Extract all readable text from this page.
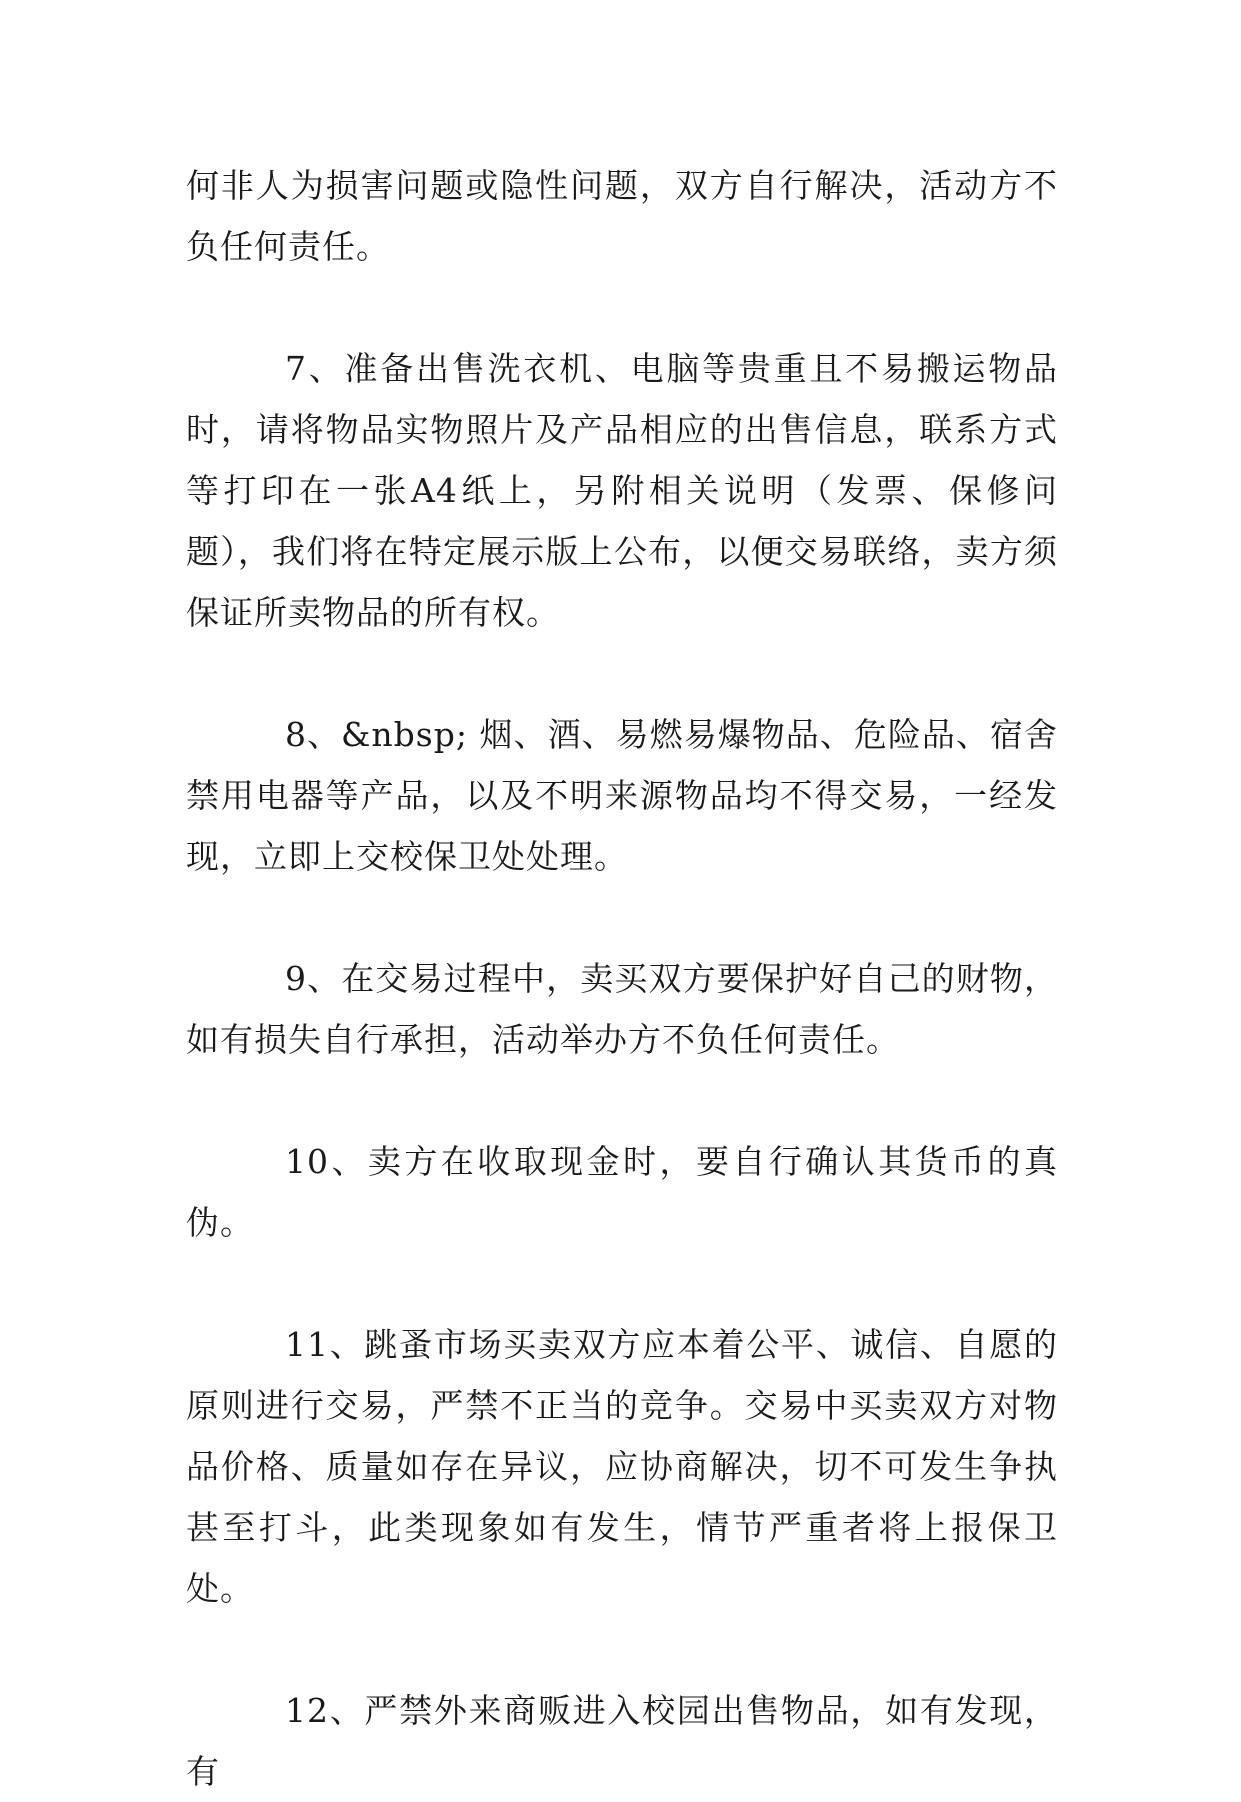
何非人为损害问题或隐性问题，双方自行解决，活动方不负任何责任。

7、准备出售洗衣机、电脑等贵重且不易搬运物品时，请将物品实物照片及产品相应的出售信息，联系方式等打印在一张A4纸上，另附相关说明（发票、保修问题），我们将在特定展示版上公布，以便交易联络，卖方须保证所卖物品的所有权。

8、&nbsp; 烟、酒、易燃易爆物品、危险品、宿舍禁用电器等产品，以及不明来源物品均不得交易，一经发现，立即上交校保卫处处理。

9、在交易过程中，卖买双方要保护好自己的财物，如有损失自行承担，活动举办方不负任何责任。

10、卖方在收取现金时，要自行确认其货币的真伪。

11、跳蚤市场买卖双方应本着公平、诚信、自愿的原则进行交易，严禁不正当的竞争。交易中买卖双方对物品价格、质量如存在异议，应协商解决，切不可发生争执甚至打斗，此类现象如有发生，情节严重者将上报保卫处。

12、严禁外来商贩进入校园出售物品，如有发现，有
